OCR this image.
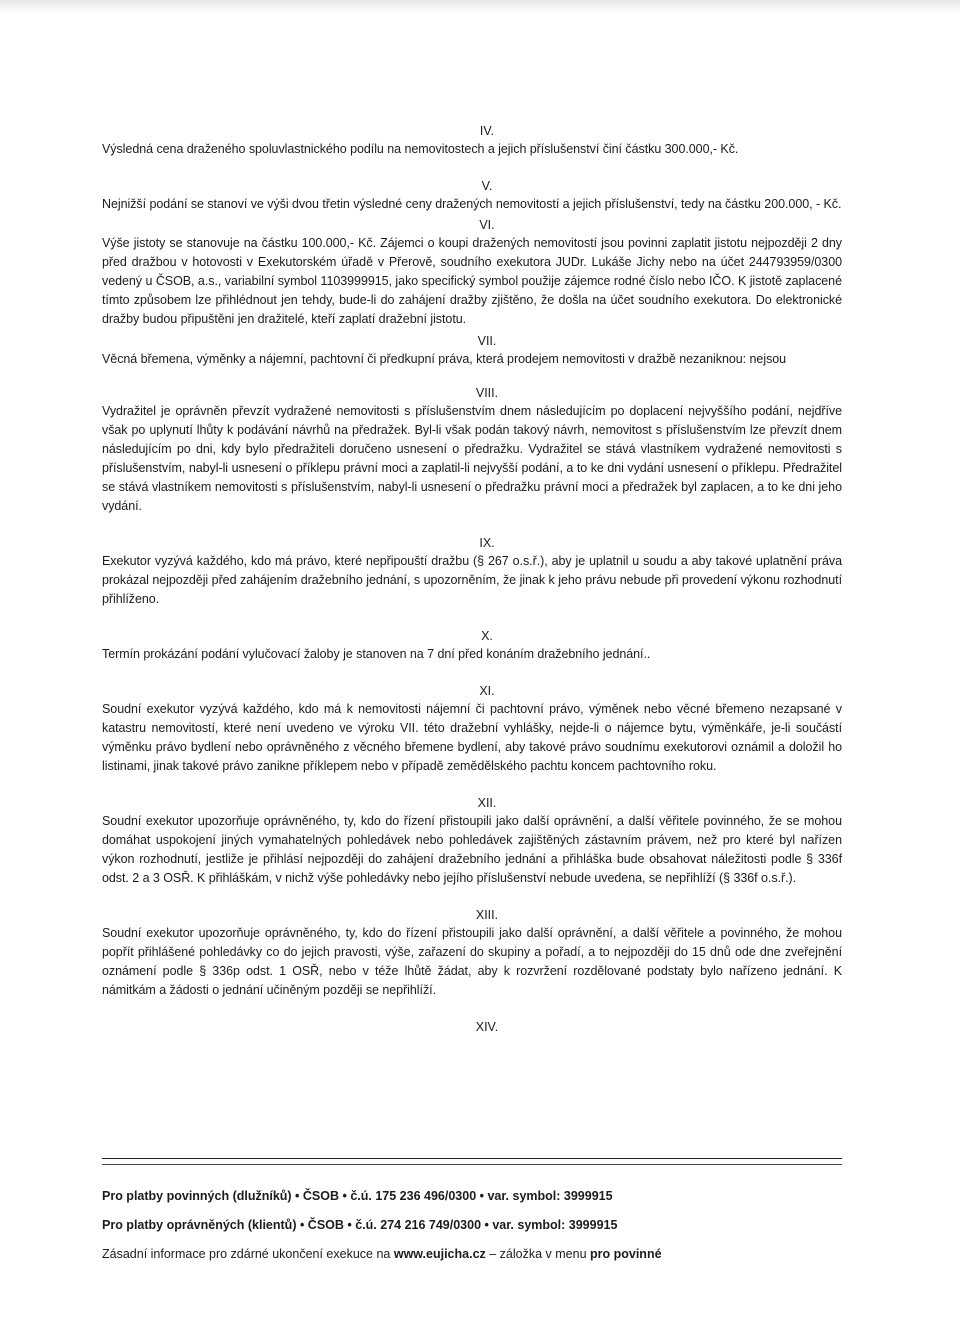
IV.

Výsledná cena draženého spoluvlastnického podílu na nemovitostech a jejich příslušenství činí částku 300.000,- Kč.

V.

Nejnižší podání se stanoví ve výši dvou třetin výsledné ceny dražených nemovitostí a jejich příslušenství, tedy na částku 200.000, - Kč.

VI.

Výše jistoty se stanovuje na částku 100.000,- Kč. Zájemci o koupi dražených nemovitostí jsou povinni zaplatit jistotu nejpozději 2 dny před dražbou v hotovosti v Exekutorském úřadě v Přerově, soudního exekutora JUDr. Lukáše Jichy nebo na účet 244793959/0300 vedený u ČSOB, a.s., variabilní symbol 1103999915, jako specifický symbol použije zájemce rodné číslo nebo IČO. K jistotě zaplacené tímto způsobem lze přihlédnout jen tehdy, bude-li do zahájení dražby zjištěno, že došla na účet soudního exekutora. Do elektronické dražby budou připuštěni jen dražitelé, kteří zaplatí dražební jistotu.

VII.

Věcná břemena, výměnky a nájemní, pachtovní či předkupní práva, která prodejem nemovitosti v dražbě nezaniknou: nejsou

VIII.

Vydražitel je oprávněn převzít vydražené nemovitosti s příslušenstvím dnem následujícím po doplacení nejvyššího podání, nejdříve však po uplynutí lhůty k podávání návrhů na předražek. Byl-li však podán takový návrh, nemovitost s příslušenstvím lze převzít dnem následujícím po dni, kdy bylo předražiteli doručeno usnesení o předražku. Vydražitel se stává vlastníkem vydražené nemovitosti s příslušenstvím, nabyl-li usnesení o příklepu právní moci a zaplatil-li nejvyšší podání, a to ke dni vydání usnesení o příklepu. Předražitel se stává vlastníkem nemovitosti s příslušenstvím, nabyl-li usnesení o předražku právní moci a předražek byl zaplacen, a to ke dni jeho vydání.

IX.

Exekutor vyzývá každého, kdo má právo, které nepřipouští dražbu (§ 267 o.s.ř.), aby je uplatnil u soudu a aby takové uplatnění práva prokázal nejpozději před zahájením dražebního jednání, s upozorněním, že jinak k jeho právu nebude při provedení výkonu rozhodnutí přihlíženo.

X.

Termín prokázání podání vylučovací žaloby je stanoven na 7 dní před konáním dražebního jednání..

XI.

Soudní exekutor vyzývá každého, kdo má k nemovitosti nájemní či pachtovní právo, výměnek nebo věcné břemeno nezapsané v katastru nemovitostí, které není uvedeno ve výroku VII. této dražební vyhlášky, nejde-li o nájemce bytu, výměnkáře, je-li součástí výměnku právo bydlení nebo oprávněného z věcného břemene bydlení, aby takové právo soudnímu exekutorovi oznámil a doložil ho listinami, jinak takové právo zanikne příklepem nebo v případě zemědělského pachtu koncem pachtovního roku.

XII.

Soudní exekutor upozorňuje oprávněného, ty, kdo do řízení přistoupili jako další oprávnění, a další věřitele povinného, že se mohou domáhat uspokojení jiných vymahatelných pohledávek nebo pohledávek zajištěných zástavním právem, než pro které byl nařízen výkon rozhodnutí, jestliže je přihlásí nejpozději do zahájení dražebního jednání a přihláška bude obsahovat náležitosti podle § 336f odst. 2 a 3 OSŘ. K přihláškám, v nichž výše pohledávky nebo jejího příslušenství nebude uvedena, se nepřihlíží (§ 336f o.s.ř.).

XIII.

Soudní exekutor upozorňuje oprávněného, ty, kdo do řízení přistoupili jako další oprávnění, a další věřitele a povinného, že mohou popřít přihlášené pohledávky co do jejich pravosti, výše, zařazení do skupiny a pořadí, a to nejpozději do 15 dnů ode dne zveřejnění oznámení podle § 336p odst. 1 OSŘ, nebo v téže lhůtě žádat, aby k rozvržení rozdělované podstaty bylo nařízeno jednání. K námitkám a žádosti o jednání učiněným později se nepřihlíží.

XIV.

Pro platby povinných (dlužníků) • ČSOB • č.ú. 175 236 496/0300 • var. symbol: 3999915

Pro platby oprávněných (klientů) • ČSOB • č.ú. 274 216 749/0300 • var. symbol: 3999915

Zásadní informace pro zdárné ukončení exekuce na www.eujicha.cz – záložka v menu pro povinné
